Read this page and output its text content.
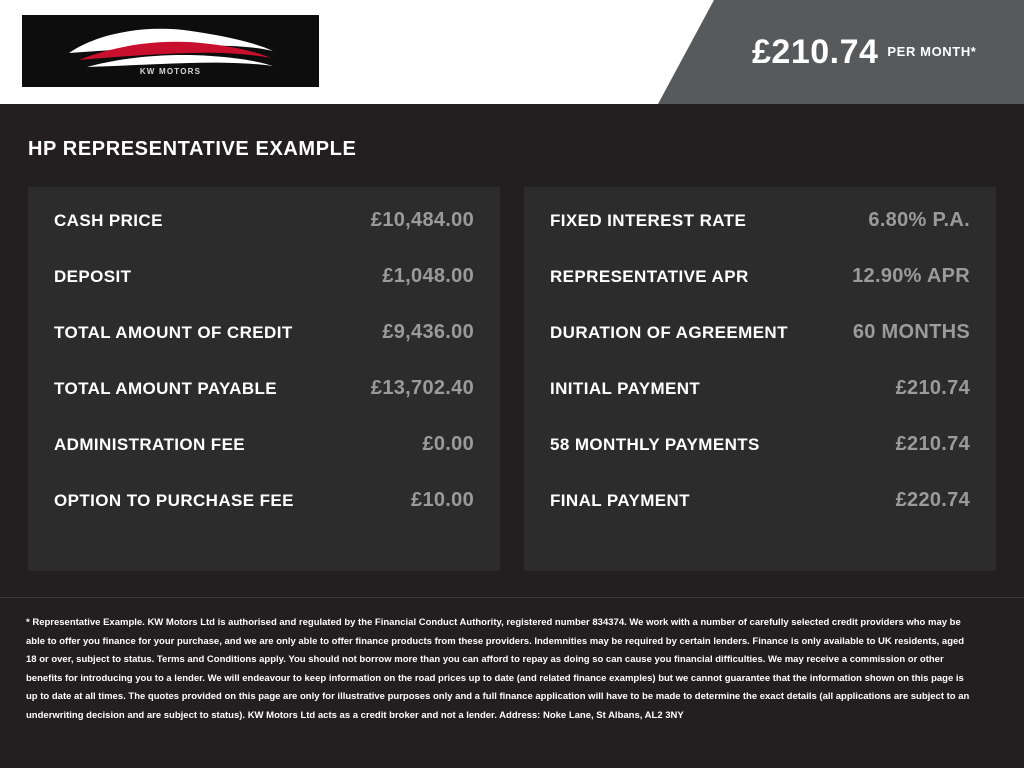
KW MOTORS
£210.74 PER MONTH*
HP REPRESENTATIVE EXAMPLE
CASH PRICE	£10,484.00
DEPOSIT	£1,048.00
TOTAL AMOUNT OF CREDIT	£9,436.00
TOTAL AMOUNT PAYABLE	£13,702.40
ADMINISTRATION FEE	£0.00
OPTION TO PURCHASE FEE	£10.00
FIXED INTEREST RATE	6.80% P.A.
REPRESENTATIVE APR	12.90% APR
DURATION OF AGREEMENT	60 MONTHS
INITIAL PAYMENT	£210.74
58 MONTHLY PAYMENTS	£210.74
FINAL PAYMENT	£220.74
* Representative Example. KW Motors Ltd is authorised and regulated by the Financial Conduct Authority, registered number 834374. We work with a number of carefully selected credit providers who may be able to offer you finance for your purchase, and we are only able to offer finance products from these providers. Indemnities may be required by certain lenders. Finance is only available to UK residents, aged 18 or over, subject to status. Terms and Conditions apply. You should not borrow more than you can afford to repay as doing so can cause you financial difficulties. We may receive a commission or other benefits for introducing you to a lender. We will endeavour to keep information on the road prices up to date (and related finance examples) but we cannot guarantee that the information shown on this page is up to date at all times. The quotes provided on this page are only for illustrative purposes only and a full finance application will have to be made to determine the exact details (all applications are subject to an underwriting decision and are subject to status). KW Motors Ltd acts as a credit broker and not a lender. Address: Noke Lane, St Albans, AL2 3NY
